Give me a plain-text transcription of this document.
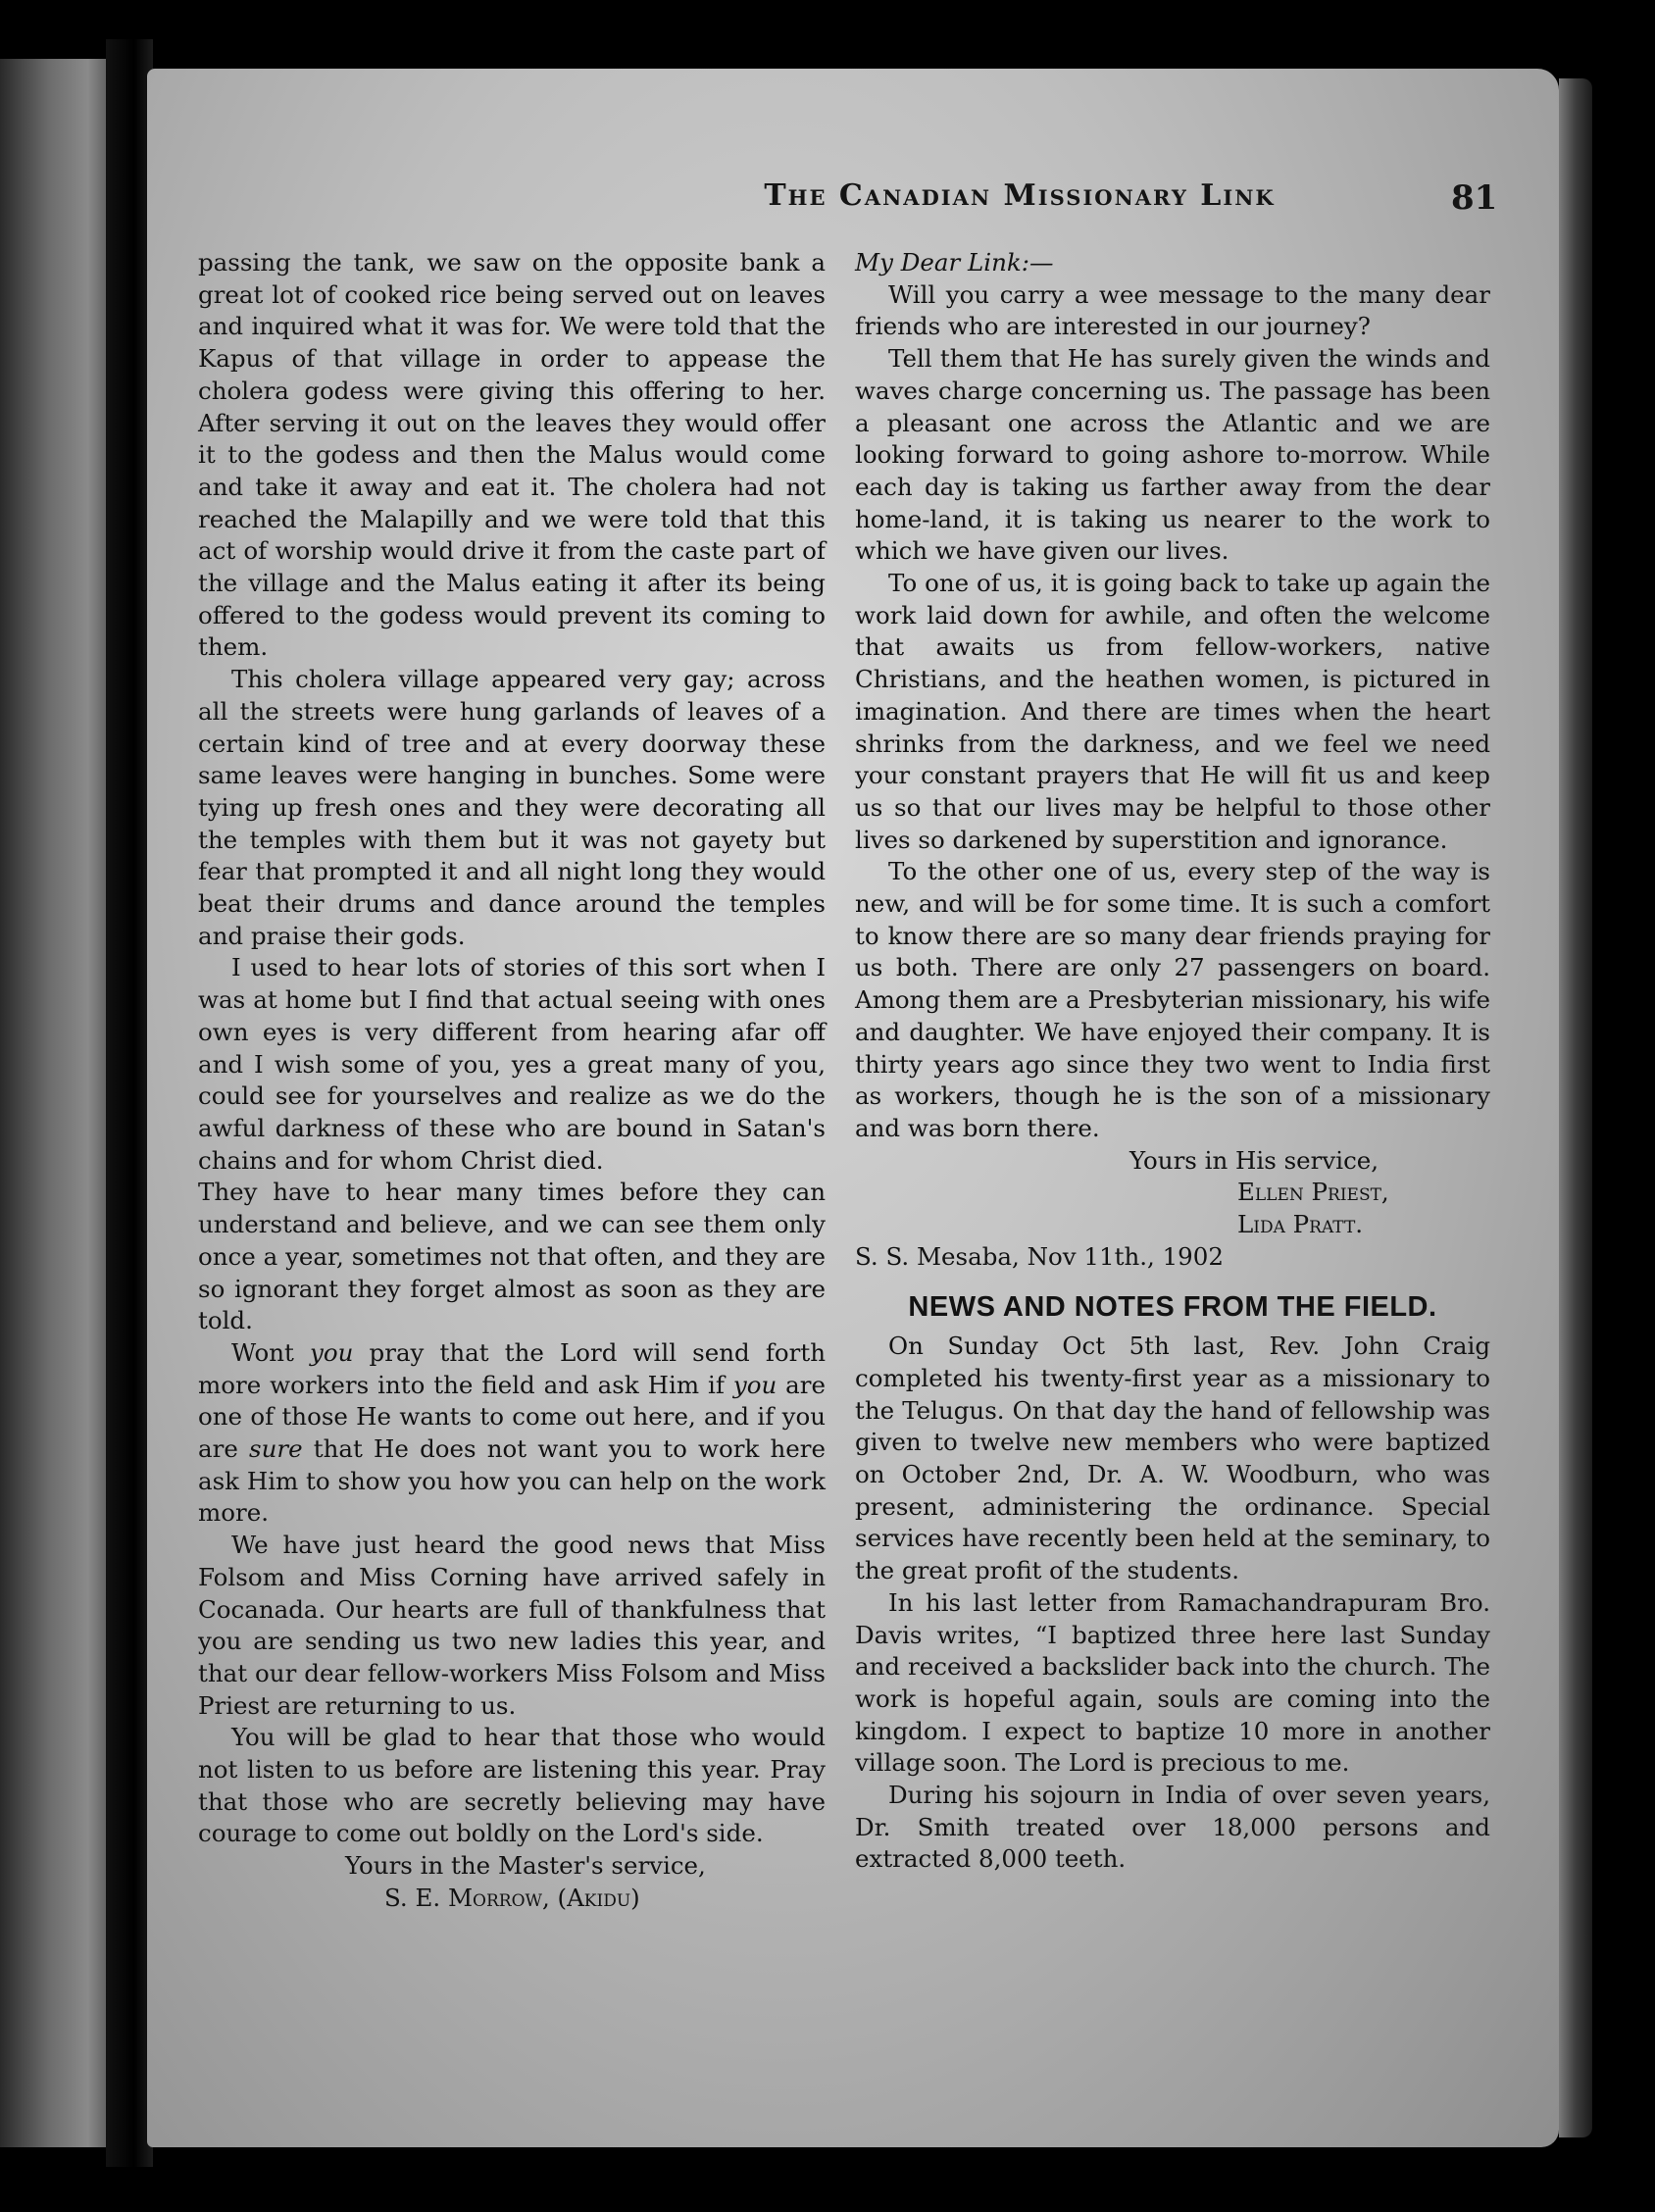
The Canadian Missionary Link	81

passing the tank, we saw on the opposite bank a great lot of cooked rice being served out on leaves and inquired what it was for. We were told that the Kapus of that village in order to appease the cholera godess were giving this offering to her. After serving it out on the leaves they would offer it to the godess and then the Malus would come and take it away and eat it. The cholera had not reached the Malapilly and we were told that this act of worship would drive it from the caste part of the village and the Malus eating it after its being offered to the godess would prevent its coming to them.

This cholera village appeared very gay; across all the streets were hung garlands of leaves of a certain kind of tree and at every doorway these same leaves were hanging in bunches. Some were tying up fresh ones and they were decorating all the temples with them but it was not gayety but fear that prompted it and all night long they would beat their drums and dance around the temples and praise their gods.

I used to hear lots of stories of this sort when I was at home but I find that actual seeing with ones own eyes is very different from hearing afar off and I wish some of you, yes a great many of you, could see for yourselves and realize as we do the awful darkness of these who are bound in Satan's chains and for whom Christ died.

They have to hear many times before they can understand and believe, and we can see them only once a year, sometimes not that often, and they are so ignorant they forget almost as soon as they are told.

Wont you pray that the Lord will send forth more workers into the field and ask Him if you are one of those He wants to come out here, and if you are sure that He does not want you to work here ask Him to show you how you can help on the work more.

We have just heard the good news that Miss Folsom and Miss Corning have arrived safely in Cocanada. Our hearts are full of thankfulness that you are sending us two new ladies this year, and that our dear fellow-workers Miss Folsom and Miss Priest are returning to us.

You will be glad to hear that those who would not listen to us before are listening this year. Pray that those who are secretly believing may have courage to come out boldly on the Lord's side.

Yours in the Master's service,

S. E. Morrow, (Akidu)

My Dear Link:—

Will you carry a wee message to the many dear friends who are interested in our journey?

Tell them that He has surely given the winds and waves charge concerning us. The passage has been a pleasant one across the Atlantic and we are looking forward to going ashore to-morrow. While each day is taking us farther away from the dear home-land, it is taking us nearer to the work to which we have given our lives.

To one of us, it is going back to take up again the work laid down for awhile, and often the welcome that awaits us from fellow-workers, native Christians, and the heathen women, is pictured in imagination. And there are times when the heart shrinks from the darkness, and we feel we need your constant prayers that He will fit us and keep us so that our lives may be helpful to those other lives so darkened by superstition and ignorance.

To the other one of us, every step of the way is new, and will be for some time. It is such a comfort to know there are so many dear friends praying for us both. There are only 27 passengers on board. Among them are a Presbyterian missionary, his wife and daughter. We have enjoyed their company. It is thirty years ago since they two went to India first as workers, though he is the son of a missionary and was born there.

Yours in His service,

Ellen Priest,

Lida Pratt.

S. S. Mesaba, Nov 11th., 1902

NEWS AND NOTES FROM THE FIELD.

On Sunday Oct 5th last, Rev. John Craig completed his twenty-first year as a missionary to the Telugus. On that day the hand of fellowship was given to twelve new members who were baptized on October 2nd, Dr. A. W. Woodburn, who was present, administering the ordinance. Special services have recently been held at the seminary, to the great profit of the students.

In his last letter from Ramachandrapuram Bro. Davis writes, “I baptized three here last Sunday and received a backslider back into the church. The work is hopeful again, souls are coming into the kingdom. I expect to baptize 10 more in another village soon. The Lord is precious to me.

During his sojourn in India of over seven years, Dr. Smith treated over 18,000 persons and extracted 8,000 teeth.
